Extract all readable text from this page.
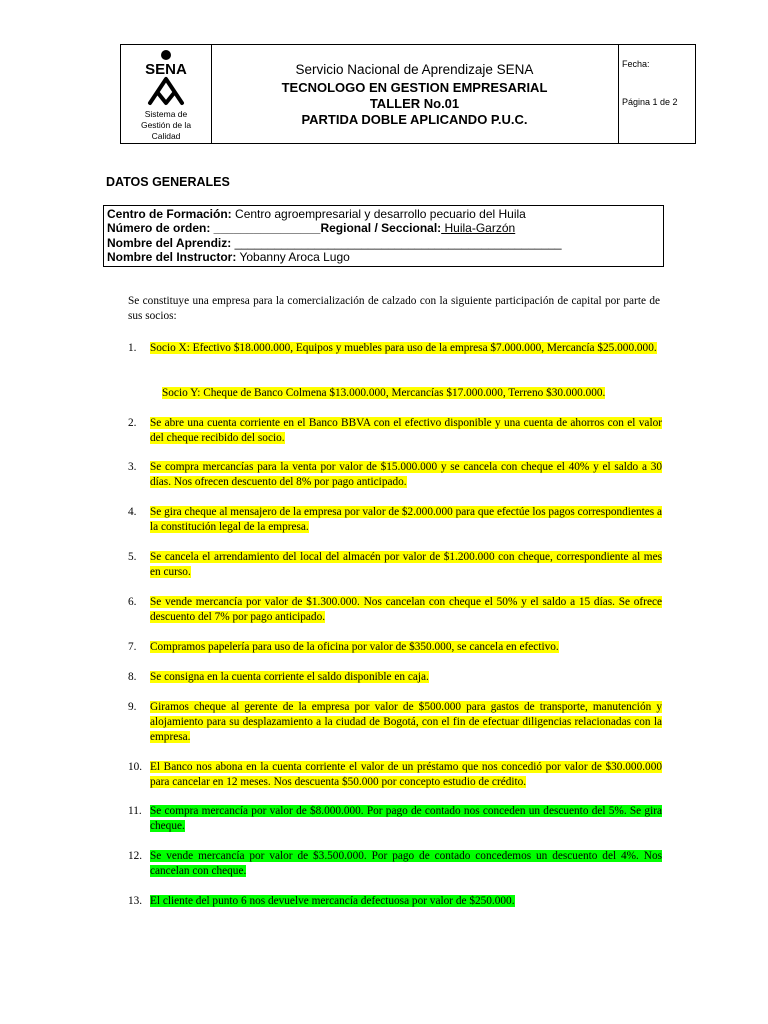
SENA
Sistema de
Gestión de la
Calidad
Servicio Nacional de Aprendizaje SENA
TECNOLOGO EN GESTION EMPRESARIAL
TALLER No.01
PARTIDA DOBLE APLICANDO P.U.C.
Fecha:
Página 1 de 2
DATOS GENERALES
Centro de Formación: Centro agroempresarial y desarrollo pecuario del Huila
Número de orden: ________________Regional / Seccional: Huila-Garzón
Nombre del Aprendiz: _________________________________________________
Nombre del Instructor: Yobanny Aroca Lugo
Se constituye una empresa para la comercialización de calzado con la siguiente participación de capital por parte de sus socios:
1. Socio X: Efectivo $18.000.000, Equipos y muebles para uso de la empresa $7.000.000, Mercancía $25.000.000.
Socio Y: Cheque de Banco Colmena $13.000.000, Mercancías $17.000.000, Terreno $30.000.000.
2. Se abre una cuenta corriente en el Banco BBVA con el efectivo disponible y una cuenta de ahorros con el valor del cheque recibido del socio.
3. Se compra mercancías para la venta por valor de $15.000.000 y se cancela con cheque el 40% y el saldo a 30 días. Nos ofrecen descuento del 8% por pago anticipado.
4. Se gira cheque al mensajero de la empresa por valor de $2.000.000 para que efectúe los pagos correspondientes a la constitución legal de la empresa.
5. Se cancela el arrendamiento del local del almacén por valor de $1.200.000 con cheque, correspondiente al mes en curso.
6. Se vende mercancía por valor de $1.300.000. Nos cancelan con cheque el 50% y el saldo a 15 días. Se ofrece descuento del 7% por pago anticipado.
7. Compramos papelería para uso de la oficina por valor de $350.000, se cancela en efectivo.
8. Se consigna en la cuenta corriente el saldo disponible en caja.
9. Giramos cheque al gerente de la empresa por valor de $500.000 para gastos de transporte, manutención y alojamiento para su desplazamiento a la ciudad de Bogotá, con el fin de efectuar diligencias relacionadas con la empresa.
10. El Banco nos abona en la cuenta corriente el valor de un préstamo que nos concedió por valor de $30.000.000 para cancelar en 12 meses. Nos descuenta $50.000 por concepto estudio de crédito.
11. Se compra mercancía por valor de $8.000.000. Por pago de contado nos conceden un descuento del 5%. Se gira cheque.
12. Se vende mercancía por valor de $3.500.000. Por pago de contado concedemos un descuento del 4%. Nos cancelan con cheque.
13. El cliente del punto 6 nos devuelve mercancía defectuosa por valor de $250.000.
